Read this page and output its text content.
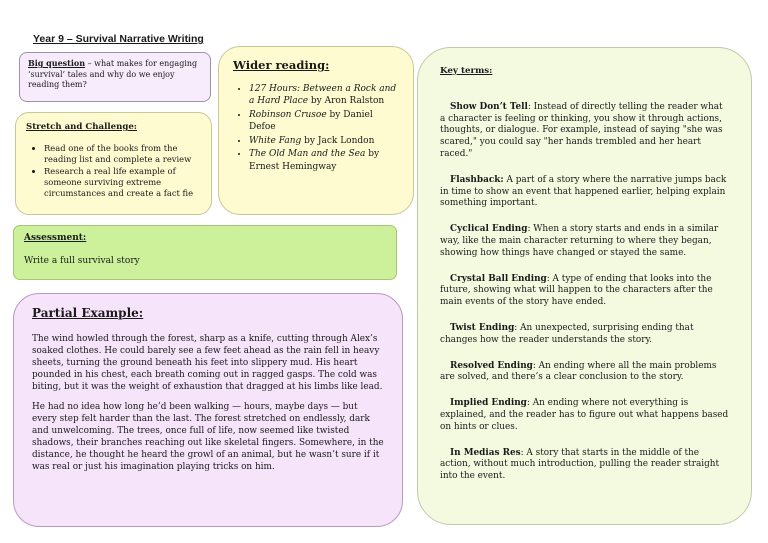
Year 9 – Survival Narrative Writing
Big question – what makes for engaging ‘survival’ tales and why do we enjoy reading them?
Stretch and Challenge:
• Read one of the books from the reading list and complete a review
• Research a real life example of someone surviving extreme circumstances and create a fact fie
Wider reading:
• 127 Hours: Between a Rock and a Hard Place by Aron Ralston
• Robinson Crusoe by Daniel Defoe
• White Fang by Jack London
• The Old Man and the Sea by Ernest Hemingway
Assessment:
Write a full survival story
Partial Example:

The wind howled through the forest, sharp as a knife, cutting through Alex’s soaked clothes. He could barely see a few feet ahead as the rain fell in heavy sheets, turning the ground beneath his feet into slippery mud. His heart pounded in his chest, each breath coming out in ragged gasps. The cold was biting, but it was the weight of exhaustion that dragged at his limbs like lead.

He had no idea how long he’d been walking — hours, maybe days — but every step felt harder than the last. The forest stretched on endlessly, dark and unwelcoming. The trees, once full of life, now seemed like twisted shadows, their branches reaching out like skeletal fingers. Somewhere, in the distance, he thought he heard the growl of an animal, but he wasn’t sure if it was real or just his imagination playing tricks on him.

Key terms:
Show Don’t Tell: Instead of directly telling the reader what a character is feeling or thinking, you show it through actions, thoughts, or dialogue. For example, instead of saying "she was scared," you could say "her hands trembled and her heart raced."
Flashback: A part of a story where the narrative jumps back in time to show an event that happened earlier, helping explain something important.
Cyclical Ending: When a story starts and ends in a similar way, like the main character returning to where they began, showing how things have changed or stayed the same.
Crystal Ball Ending: A type of ending that looks into the future, showing what will happen to the characters after the main events of the story have ended.
Twist Ending: An unexpected, surprising ending that changes how the reader understands the story.
Resolved Ending: An ending where all the main problems are solved, and there’s a clear conclusion to the story.
Implied Ending: An ending where not everything is explained, and the reader has to figure out what happens based on hints or clues.
In Medias Res: A story that starts in the middle of the action, without much introduction, pulling the reader straight into the event.
